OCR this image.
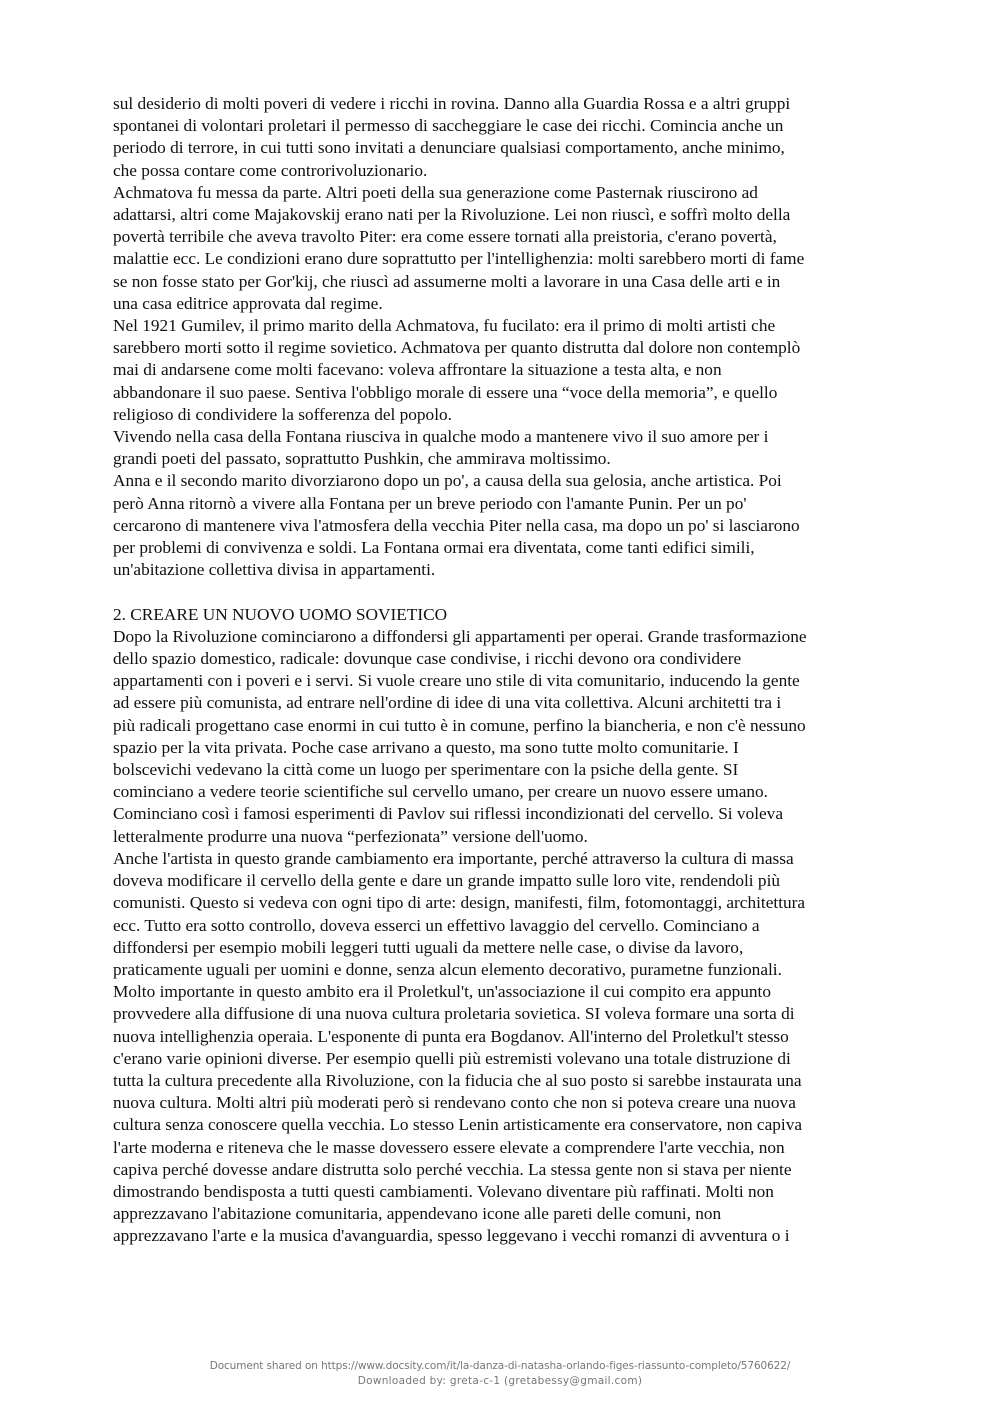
sul desiderio di molti poveri di vedere i ricchi in rovina. Danno alla Guardia Rossa e a altri gruppi
spontanei di volontari proletari il permesso di saccheggiare le case dei ricchi. Comincia anche un
periodo di terrore, in cui tutti sono invitati a denunciare qualsiasi comportamento, anche minimo,
che possa contare come controrivoluzionario.

Achmatova fu messa da parte. Altri poeti della sua generazione come Pasternak riuscirono ad
adattarsi, altri come Majakovskij erano nati per la Rivoluzione. Lei non riuscì, e soffrì molto della
povertà terribile che aveva travolto Piter: era come essere tornati alla preistoria, c'erano povertà,
malattie ecc. Le condizioni erano dure soprattutto per l'intellighenzia: molti sarebbero morti di fame
se non fosse stato per Gor'kij, che riuscì ad assumerne molti a lavorare in una Casa delle arti e in
una casa editrice approvata dal regime.

Nel 1921 Gumilev, il primo marito della Achmatova, fu fucilato: era il primo di molti artisti che
sarebbero morti sotto il regime sovietico. Achmatova per quanto distrutta dal dolore non contemplò
mai di andarsene come molti facevano: voleva affrontare la situazione a testa alta, e non
abbandonare il suo paese. Sentiva l'obbligo morale di essere una “voce della memoria”, e quello
religioso di condividere la sofferenza del popolo.

Vivendo nella casa della Fontana riusciva in qualche modo a mantenere vivo il suo amore per i
grandi poeti del passato, soprattutto Pushkin, che ammirava moltissimo.

Anna e il secondo marito divorziarono dopo un po', a causa della sua gelosia, anche artistica. Poi
però Anna ritornò a vivere alla Fontana per un breve periodo con l'amante Punin. Per un po'
cercarono di mantenere viva l'atmosfera della vecchia Piter nella casa, ma dopo un po' si lasciarono
per problemi di convivenza e soldi. La Fontana ormai era diventata, come tanti edifici simili,
un'abitazione collettiva divisa in appartamenti.

2. CREARE UN NUOVO UOMO SOVIETICO

Dopo la Rivoluzione cominciarono a diffondersi gli appartamenti per operai. Grande trasformazione
dello spazio domestico, radicale: dovunque case condivise, i ricchi devono ora condividere
appartamenti con i poveri e i servi. Si vuole creare uno stile di vita comunitario, inducendo la gente
ad essere più comunista, ad entrare nell'ordine di idee di una vita collettiva. Alcuni architetti tra i
più radicali progettano case enormi in cui tutto è in comune, perfino la biancheria, e non c'è nessuno
spazio per la vita privata. Poche case arrivano a questo, ma sono tutte molto comunitarie. I
bolscevichi vedevano la città come un luogo per sperimentare con la psiche della gente. SI
cominciano a vedere teorie scientifiche sul cervello umano, per creare un nuovo essere umano.
Cominciano così i famosi esperimenti di Pavlov sui riflessi incondizionati del cervello. Si voleva
letteralmente produrre una nuova “perfezionata” versione dell'uomo.

Anche l'artista in questo grande cambiamento era importante, perché attraverso la cultura di massa
doveva modificare il cervello della gente e dare un grande impatto sulle loro vite, rendendoli più
comunisti. Questo si vedeva con ogni tipo di arte: design, manifesti, film, fotomontaggi, architettura
ecc. Tutto era sotto controllo, doveva esserci un effettivo lavaggio del cervello. Cominciano a
diffondersi per esempio mobili leggeri tutti uguali da mettere nelle case, o divise da lavoro,
praticamente uguali per uomini e donne, senza alcun elemento decorativo, purametne funzionali.
Molto importante in questo ambito era il Proletkul't, un'associazione il cui compito era appunto
provvedere alla diffusione di una nuova cultura proletaria sovietica. SI voleva formare una sorta di
nuova intellighenzia operaia. L'esponente di punta era Bogdanov. All'interno del Proletkul't stesso
c'erano varie opinioni diverse. Per esempio quelli più estremisti volevano una totale distruzione di
tutta la cultura precedente alla Rivoluzione, con la fiducia che al suo posto si sarebbe instaurata una
nuova cultura. Molti altri più moderati però si rendevano conto che non si poteva creare una nuova
cultura senza conoscere quella vecchia. Lo stesso Lenin artisticamente era conservatore, non capiva
l'arte moderna e riteneva che le masse dovessero essere elevate a comprendere l'arte vecchia, non
capiva perché dovesse andare distrutta solo perché vecchia. La stessa gente non si stava per niente
dimostrando bendisposta a tutti questi cambiamenti. Volevano diventare più raffinati. Molti non
apprezzavano l'abitazione comunitaria, appendevano icone alle pareti delle comuni, non
apprezzavano l'arte e la musica d'avanguardia, spesso leggevano i vecchi romanzi di avventura o i

Document shared on https://www.docsity.com/it/la-danza-di-natasha-orlando-figes-riassunto-completo/5760622/
Downloaded by: greta-c-1 (gretabessy@gmail.com)
